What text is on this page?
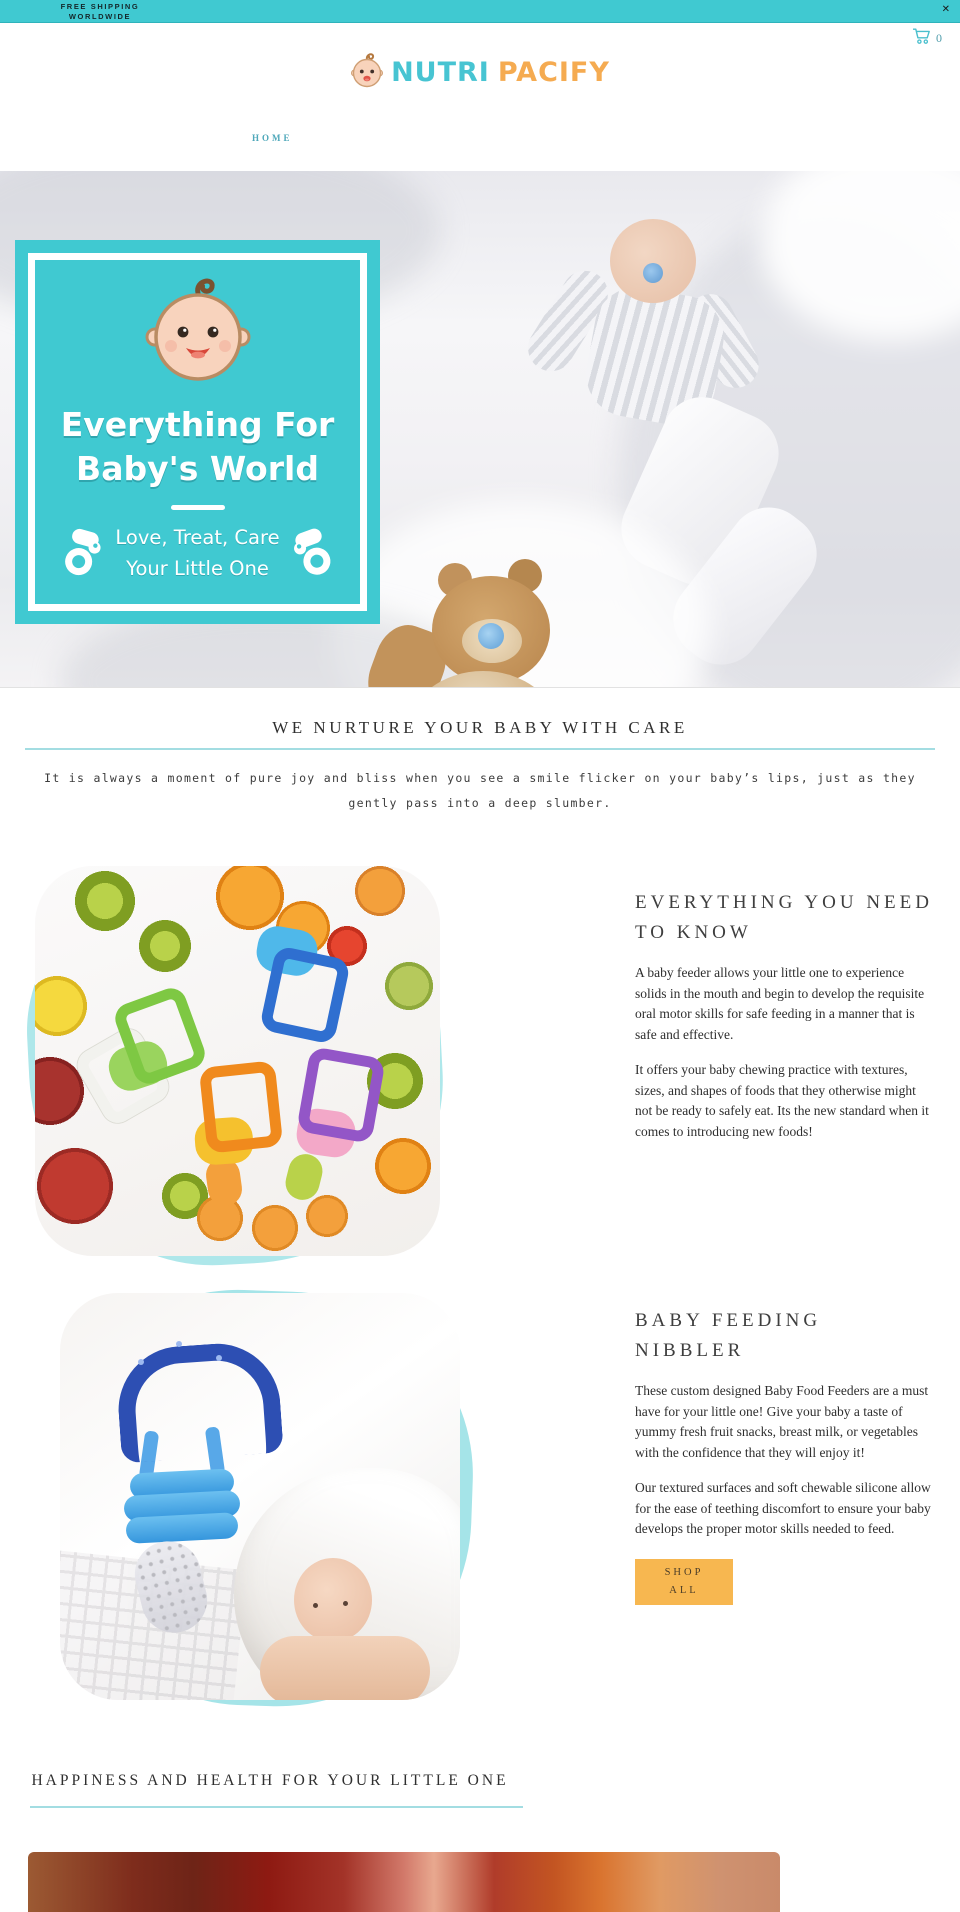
FREE SHIPPING WORLDWIDE
✕
0
NUTRI PACIFY
HOME
Everything For
Baby's World
Love, Treat, Care
Your Little One
WE NURTURE YOUR BABY WITH CARE
It is always a moment of pure joy and bliss when you see a smile flicker on your baby’s lips, just as they gently pass into a deep slumber.
EVERYTHING YOU NEED TO KNOW
A baby feeder allows your little one to experience solids in the mouth and begin to develop the requisite oral motor skills for safe feeding in a manner that is safe and effective.
It offers your baby chewing practice with textures, sizes, and shapes of foods that they otherwise might not be ready to safely eat. Its the new standard when it comes to introducing new foods!
BABY FEEDING NIBBLER
These custom designed Baby Food Feeders are a must have for your little one! Give your baby a taste of yummy fresh fruit snacks, breast milk, or vegetables with the confidence that they will enjoy it!
Our textured surfaces and soft chewable silicone allow for the ease of teething discomfort to ensure your baby develops the proper motor skills needed to feed.
SHOP ALL
HAPPINESS AND HEALTH FOR YOUR LITTLE ONE
